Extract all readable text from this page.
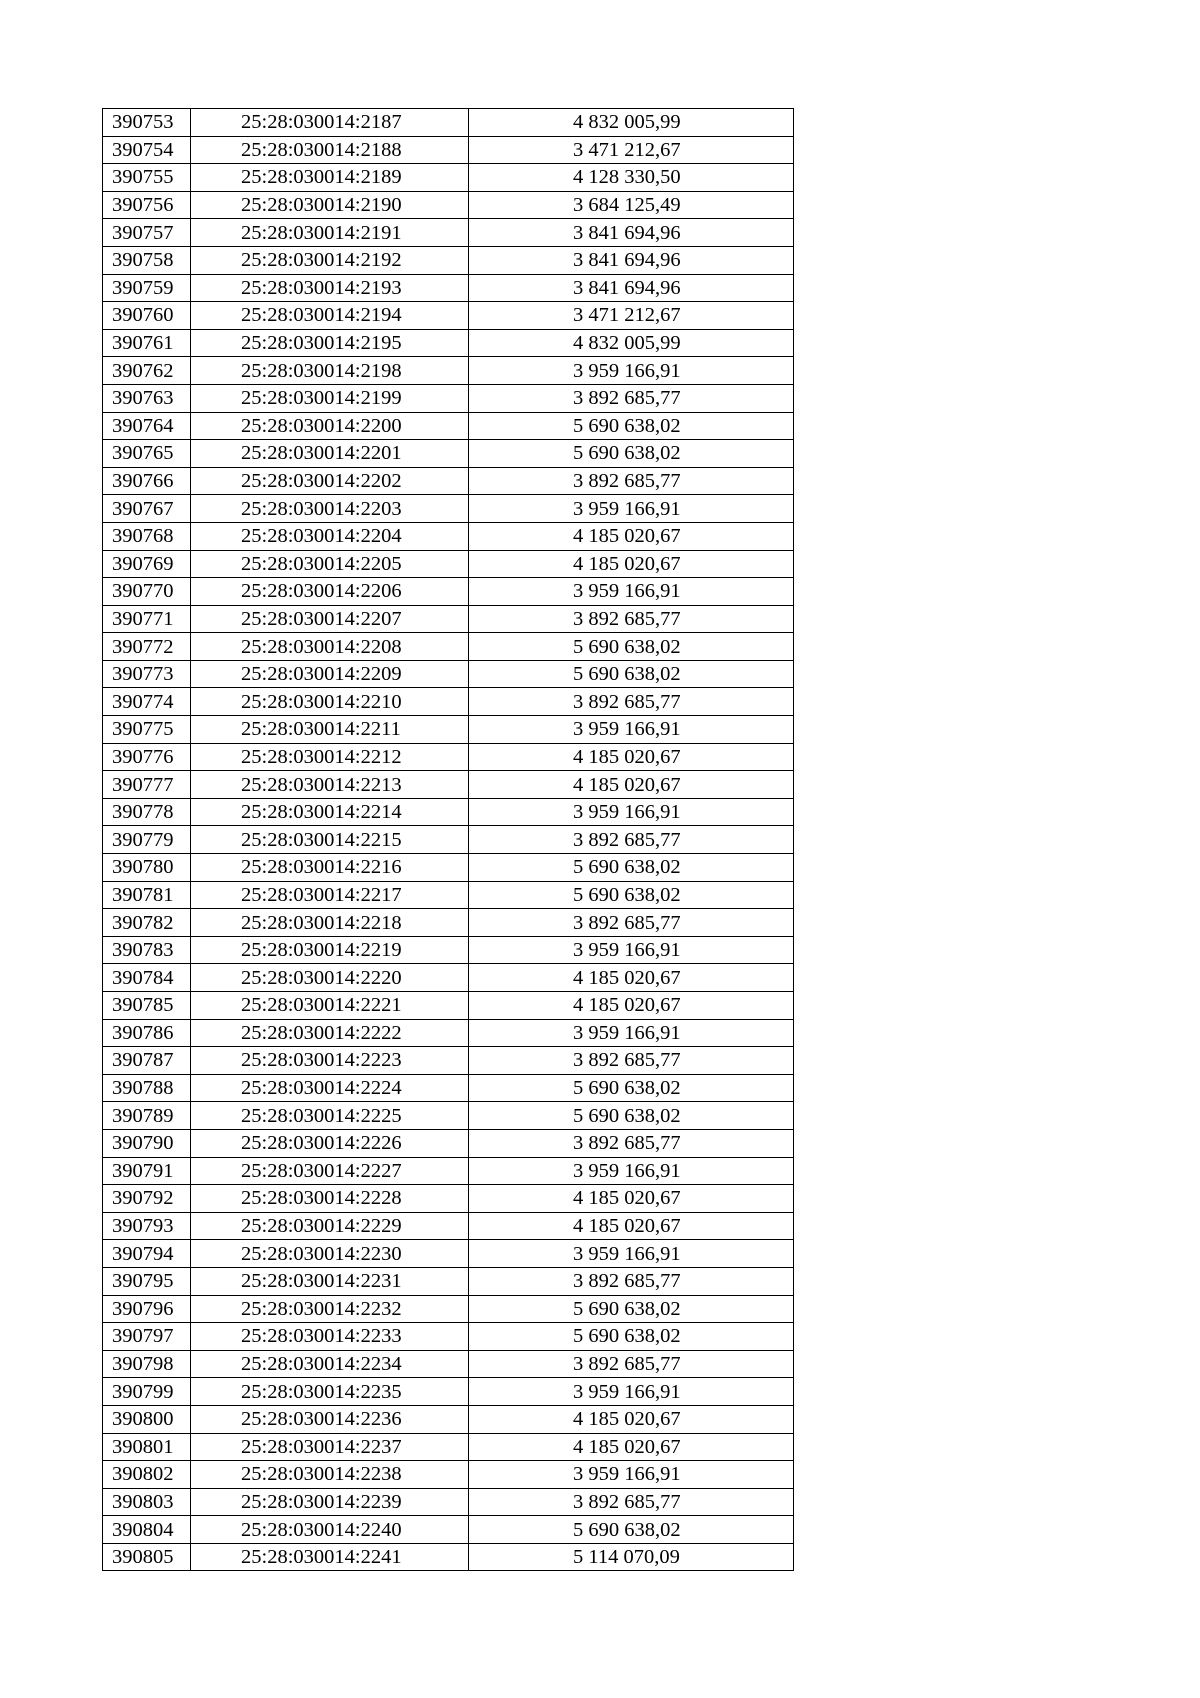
390753	25:28:030014:2187	4 832 005,99
390754	25:28:030014:2188	3 471 212,67
390755	25:28:030014:2189	4 128 330,50
390756	25:28:030014:2190	3 684 125,49
390757	25:28:030014:2191	3 841 694,96
390758	25:28:030014:2192	3 841 694,96
390759	25:28:030014:2193	3 841 694,96
390760	25:28:030014:2194	3 471 212,67
390761	25:28:030014:2195	4 832 005,99
390762	25:28:030014:2198	3 959 166,91
390763	25:28:030014:2199	3 892 685,77
390764	25:28:030014:2200	5 690 638,02
390765	25:28:030014:2201	5 690 638,02
390766	25:28:030014:2202	3 892 685,77
390767	25:28:030014:2203	3 959 166,91
390768	25:28:030014:2204	4 185 020,67
390769	25:28:030014:2205	4 185 020,67
390770	25:28:030014:2206	3 959 166,91
390771	25:28:030014:2207	3 892 685,77
390772	25:28:030014:2208	5 690 638,02
390773	25:28:030014:2209	5 690 638,02
390774	25:28:030014:2210	3 892 685,77
390775	25:28:030014:2211	3 959 166,91
390776	25:28:030014:2212	4 185 020,67
390777	25:28:030014:2213	4 185 020,67
390778	25:28:030014:2214	3 959 166,91
390779	25:28:030014:2215	3 892 685,77
390780	25:28:030014:2216	5 690 638,02
390781	25:28:030014:2217	5 690 638,02
390782	25:28:030014:2218	3 892 685,77
390783	25:28:030014:2219	3 959 166,91
390784	25:28:030014:2220	4 185 020,67
390785	25:28:030014:2221	4 185 020,67
390786	25:28:030014:2222	3 959 166,91
390787	25:28:030014:2223	3 892 685,77
390788	25:28:030014:2224	5 690 638,02
390789	25:28:030014:2225	5 690 638,02
390790	25:28:030014:2226	3 892 685,77
390791	25:28:030014:2227	3 959 166,91
390792	25:28:030014:2228	4 185 020,67
390793	25:28:030014:2229	4 185 020,67
390794	25:28:030014:2230	3 959 166,91
390795	25:28:030014:2231	3 892 685,77
390796	25:28:030014:2232	5 690 638,02
390797	25:28:030014:2233	5 690 638,02
390798	25:28:030014:2234	3 892 685,77
390799	25:28:030014:2235	3 959 166,91
390800	25:28:030014:2236	4 185 020,67
390801	25:28:030014:2237	4 185 020,67
390802	25:28:030014:2238	3 959 166,91
390803	25:28:030014:2239	3 892 685,77
390804	25:28:030014:2240	5 690 638,02
390805	25:28:030014:2241	5 114 070,09
